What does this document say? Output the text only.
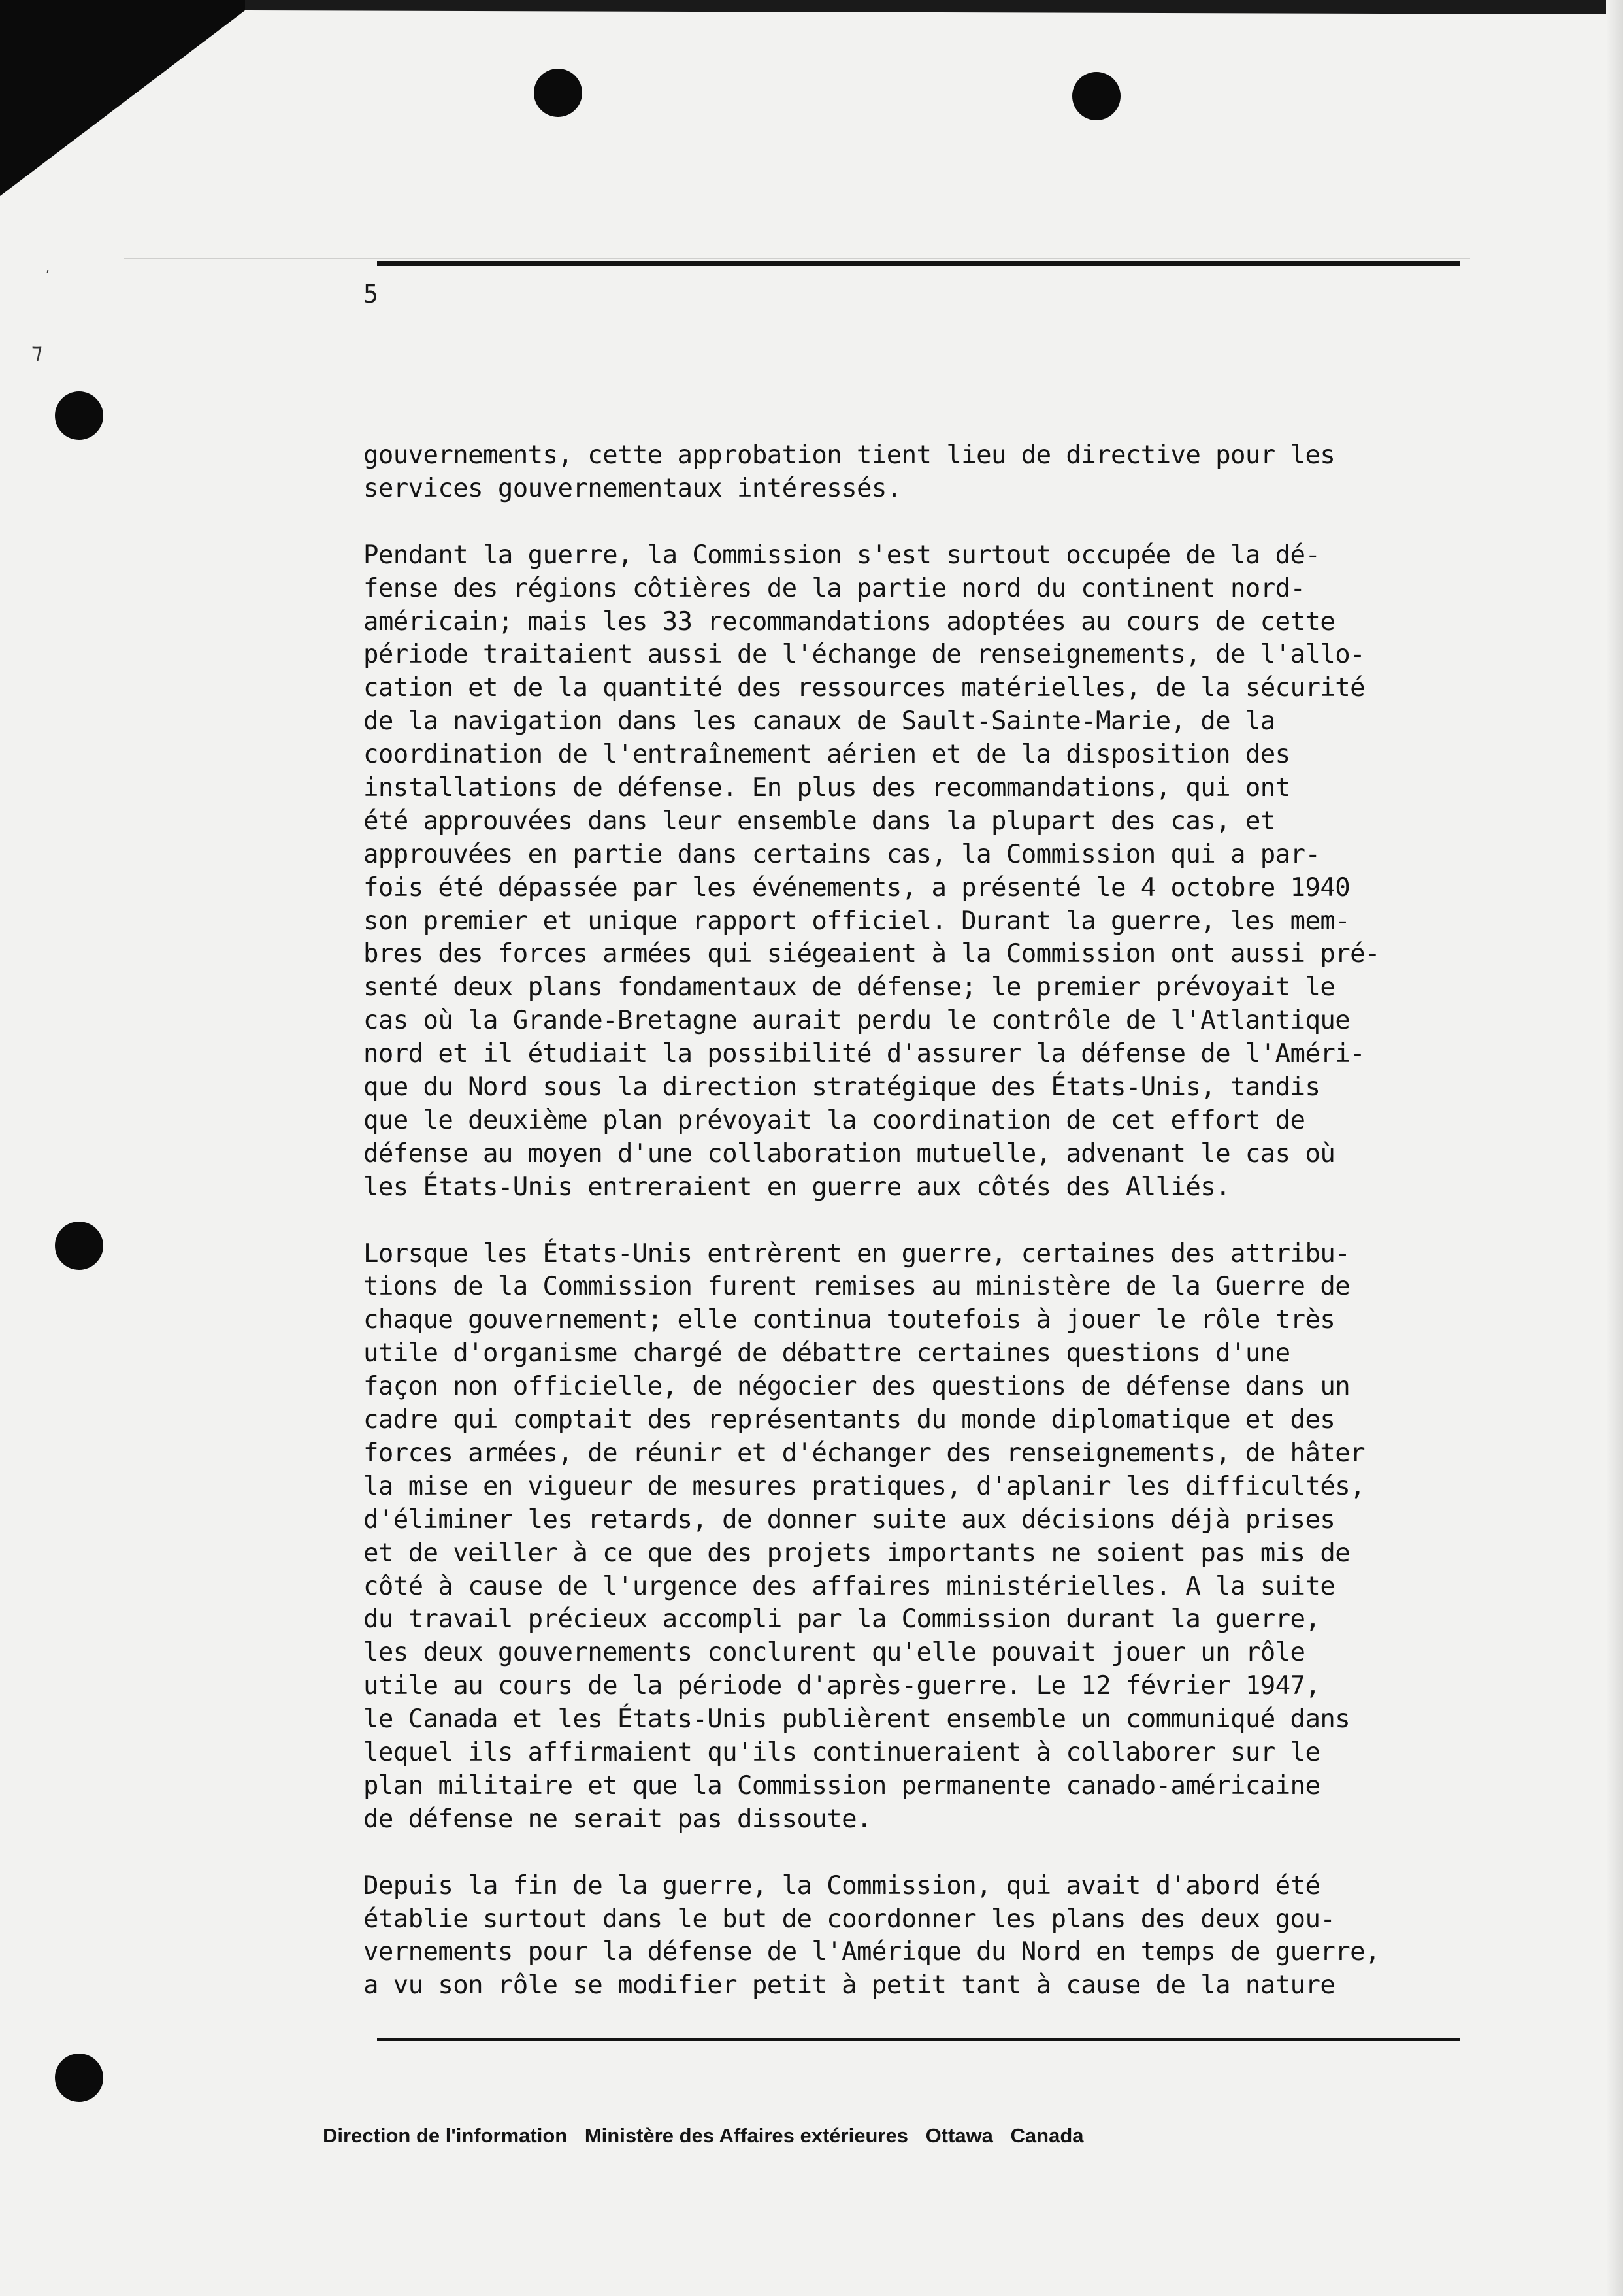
’
⁊
5
gouvernements, cette approbation tient lieu de directive pour les
services gouvernementaux intéressés.
Pendant la guerre, la Commission s'est surtout occupée de la dé-
fense des régions côtières de la partie nord du continent nord-
américain; mais les 33 recommandations adoptées au cours de cette
période traitaient aussi de l'échange de renseignements, de l'allo-
cation et de la quantité des ressources matérielles, de la sécurité
de la navigation dans les canaux de Sault-Sainte-Marie, de la
coordination de l'entraînement aérien et de la disposition des
installations de défense. En plus des recommandations, qui ont
été approuvées dans leur ensemble dans la plupart des cas, et
approuvées en partie dans certains cas, la Commission qui a par-
fois été dépassée par les événements, a présenté le 4 octobre 1940
son premier et unique rapport officiel. Durant la guerre, les mem-
bres des forces armées qui siégeaient à la Commission ont aussi pré-
senté deux plans fondamentaux de défense; le premier prévoyait le
cas où la Grande-Bretagne aurait perdu le contrôle de l'Atlantique
nord et il étudiait la possibilité d'assurer la défense de l'Améri-
que du Nord sous la direction stratégique des États-Unis, tandis
que le deuxième plan prévoyait la coordination de cet effort de
défense au moyen d'une collaboration mutuelle, advenant le cas où
les États-Unis entreraient en guerre aux côtés des Alliés.
Lorsque les États-Unis entrèrent en guerre, certaines des attribu-
tions de la Commission furent remises au ministère de la Guerre de
chaque gouvernement; elle continua toutefois à jouer le rôle très
utile d'organisme chargé de débattre certaines questions d'une
façon non officielle, de négocier des questions de défense dans un
cadre qui comptait des représentants du monde diplomatique et des
forces armées, de réunir et d'échanger des renseignements, de hâter
la mise en vigueur de mesures pratiques, d'aplanir les difficultés,
d'éliminer les retards, de donner suite aux décisions déjà prises
et de veiller à ce que des projets importants ne soient pas mis de
côté à cause de l'urgence des affaires ministérielles. A la suite
du travail précieux accompli par la Commission durant la guerre,
les deux gouvernements conclurent qu'elle pouvait jouer un rôle
utile au cours de la période d'après-guerre. Le 12 février 1947,
le Canada et les États-Unis publièrent ensemble un communiqué dans
lequel ils affirmaient qu'ils continueraient à collaborer sur le
plan militaire et que la Commission permanente canado-américaine
de défense ne serait pas dissoute.
Depuis la fin de la guerre, la Commission, qui avait d'abord été
établie surtout dans le but de coordonner les plans des deux gou-
vernements pour la défense de l'Amérique du Nord en temps de guerre,
a vu son rôle se modifier petit à petit tant à cause de la nature
Direction de l'information Ministère des Affaires extérieures Ottawa Canada
